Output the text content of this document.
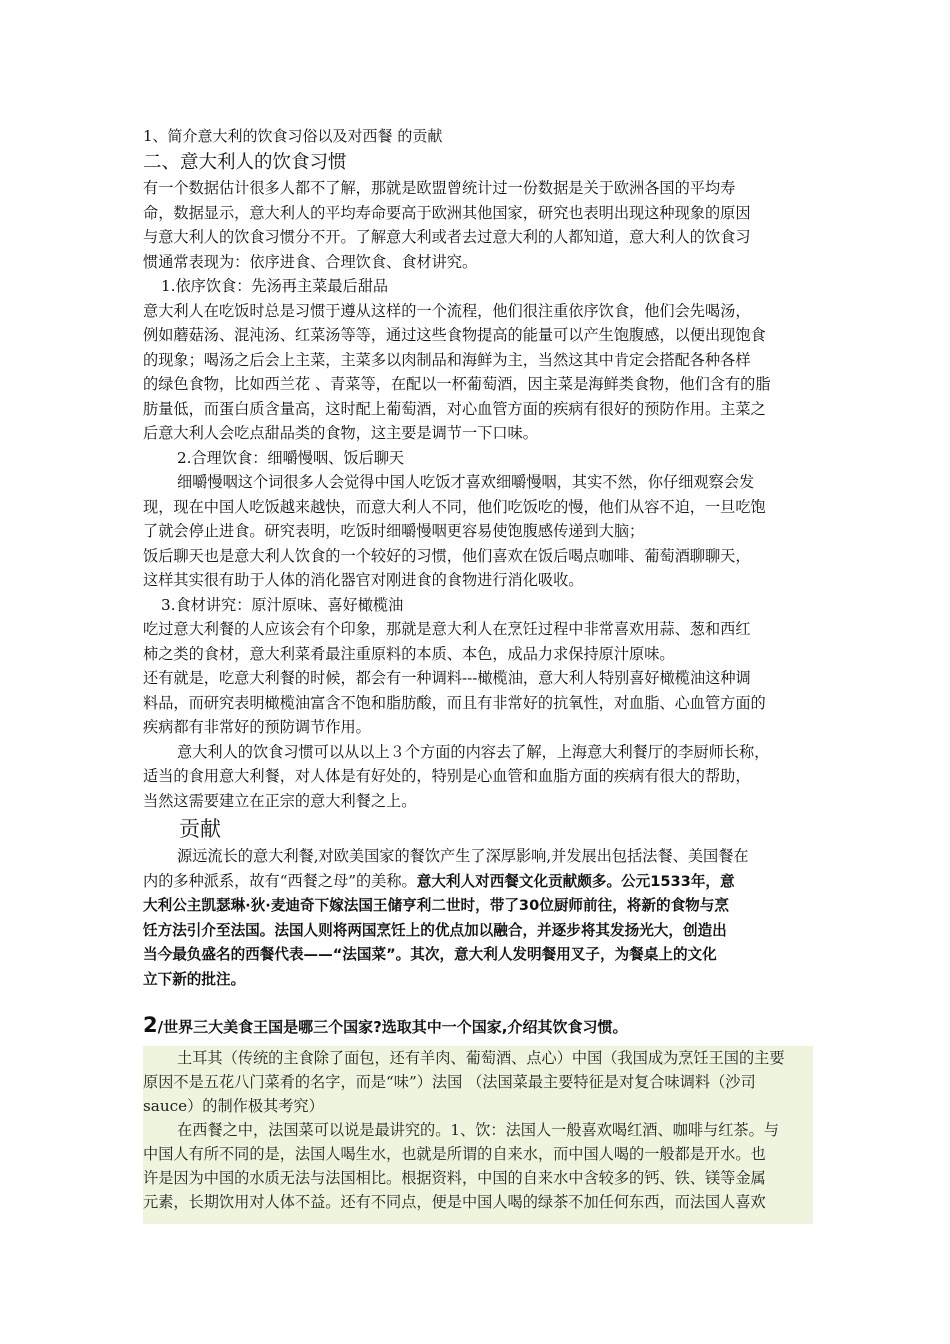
1、简介意大利的饮食习俗以及对西餐 的贡献
二、意大利人的饮食习惯
有一个数据估计很多人都不了解，那就是欧盟曾统计过一份数据是关于欧洲各国的平均寿
命，数据显示，意大利人的平均寿命要高于欧洲其他国家，研究也表明出现这种现象的原因
与意大利人的饮食习惯分不开。了解意大利或者去过意大利的人都知道，意大利人的饮食习
惯通常表现为：依序进食、合理饮食、食材讲究。
1.依序饮食：先汤再主菜最后甜品
意大利人在吃饭时总是习惯于遵从这样的一个流程，他们很注重依序饮食，他们会先喝汤，
例如蘑菇汤、混沌汤、红菜汤等等，通过这些食物提高的能量可以产生饱腹感，以便出现饱食
的现象；喝汤之后会上主菜，主菜多以肉制品和海鲜为主，当然这其中肯定会搭配各种各样
的绿色食物，比如西兰花 、青菜等，在配以一杯葡萄酒，因主菜是海鲜类食物，他们含有的脂
肪量低，而蛋白质含量高，这时配上葡萄酒，对心血管方面的疾病有很好的预防作用。主菜之
后意大利人会吃点甜品类的食物，这主要是调节一下口味。
2.合理饮食：细嚼慢咽、饭后聊天
细嚼慢咽这个词很多人会觉得中国人吃饭才喜欢细嚼慢咽，其实不然，你仔细观察会发
现，现在中国人吃饭越来越快，而意大利人不同，他们吃饭吃的慢，他们从容不迫，一旦吃饱
了就会停止进食。研究表明，吃饭时细嚼慢咽更容易使饱腹感传递到大脑；
饭后聊天也是意大利人饮食的一个较好的习惯，他们喜欢在饭后喝点咖啡、葡萄酒聊聊天，
这样其实很有助于人体的消化器官对刚进食的食物进行消化吸收。
3.食材讲究：原汁原味、喜好橄榄油
吃过意大利餐的人应该会有个印象，那就是意大利人在烹饪过程中非常喜欢用蒜、葱和西红
柿之类的食材，意大利菜肴最注重原料的本质、本色，成品力求保持原汁原味。
还有就是，吃意大利餐的时候，都会有一种调料---橄榄油，意大利人特别喜好橄榄油这种调
料品，而研究表明橄榄油富含不饱和脂肪酸，而且有非常好的抗氧性，对血脂、心血管方面的
疾病都有非常好的预防调节作用。
意大利人的饮食习惯可以从以上３个方面的内容去了解，上海意大利餐厅的李厨师长称，
适当的食用意大利餐，对人体是有好处的，特别是心血管和血脂方面的疾病有很大的帮助，
当然这需要建立在正宗的意大利餐之上。
贡献
源远流长的意大利餐,对欧美国家的餐饮产生了深厚影响,并发展出包括法餐、美国餐在
内的多种派系，故有“西餐之母”的美称。意大利人对西餐文化贡献颇多。公元1533年，意
大利公主凯瑟琳·狄·麦迪奇下嫁法国王储亨利二世时，带了30位厨师前往，将新的食物与烹
饪方法引介至法国。法国人则将两国烹饪上的优点加以融合，并逐步将其发扬光大，创造出
当今最负盛名的西餐代表——“法国菜”。其次，意大利人发明餐用叉子，为餐桌上的文化
立下新的批注。
2/世界三大美食王国是哪三个国家?选取其中一个国家,介绍其饮食习惯。
土耳其（传统的主食除了面包，还有羊肉、葡萄酒、点心）中国（我国成为烹饪王国的主要
原因不是五花八门菜肴的名字，而是“味”）法国 （法国菜最主要特征是对复合味调料（沙司
sauce）的制作极其考究）
在西餐之中，法国菜可以说是最讲究的。1、饮：法国人一般喜欢喝红酒、咖啡与红茶。与
中国人有所不同的是，法国人喝生水，也就是所谓的自来水，而中国人喝的一般都是开水。也
许是因为中国的水质无法与法国相比。根据资料，中国的自来水中含较多的钙、铁、镁等金属
元素，长期饮用对人体不益。还有不同点，便是中国人喝的绿茶不加任何东西，而法国人喜欢
